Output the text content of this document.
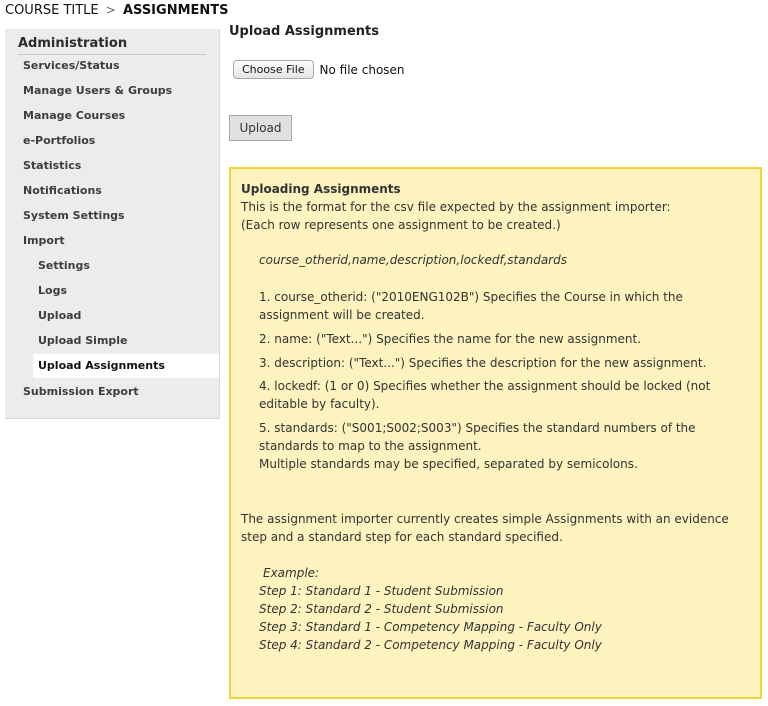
COURSE TITLE > ASSIGNMENTS
Administration
Services/Status
Manage Users & Groups
Manage Courses
e-Portfolios
Statistics
Notifications
System Settings
Import
Settings
Logs
Upload
Upload Simple
Upload Assignments
Submission Export
Upload Assignments
Choose File	No file chosen
Upload
Uploading Assignments
This is the format for the csv file expected by the assignment importer:
(Each row represents one assignment to be created.)
course_otherid,name,description,lockedf,standards
1. course_otherid: ("2010ENG102B") Specifies the Course in which the
assignment will be created.
2. name: ("Text...") Specifies the name for the new assignment.
3. description: ("Text...") Specifies the description for the new assignment.
4. lockedf: (1 or 0) Specifies whether the assignment should be locked (not
editable by faculty).
5. standards: ("S001;S002;S003") Specifies the standard numbers of the
standards to map to the assignment.
Multiple standards may be specified, separated by semicolons.
The assignment importer currently creates simple Assignments with an evidence
step and a standard step for each standard specified.
Example:
Step 1: Standard 1 - Student Submission
Step 2: Standard 2 - Student Submission
Step 3: Standard 1 - Competency Mapping - Faculty Only
Step 4: Standard 2 - Competency Mapping - Faculty Only
